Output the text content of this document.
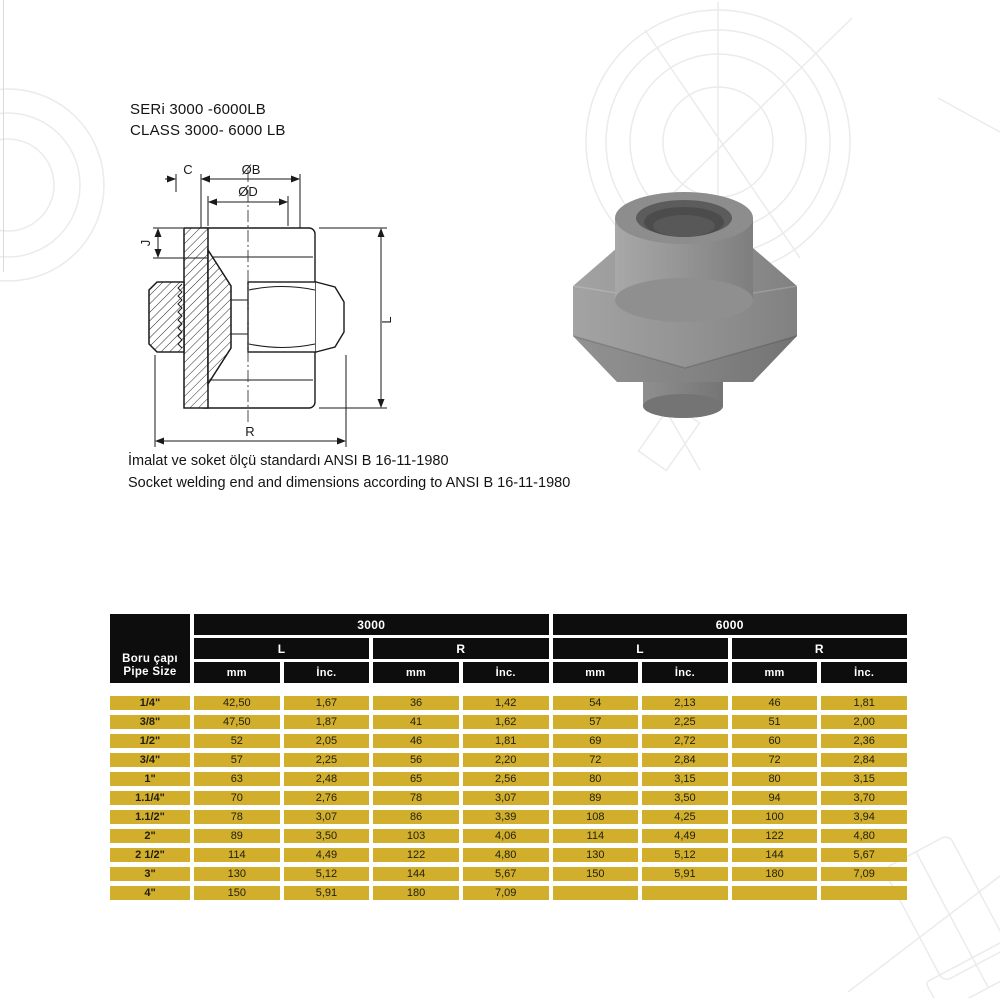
SERi 3000 -6000LB
CLASS 3000- 6000 LB
C	ØB
ØD
J
L
R
İmalat ve soket ölçü standardı ANSI B 16-11-1980
Socket welding end and dimensions according to ANSI B 16-11-1980
Boru çapı
Pipe Size
3000	6000
L	R	L	R
mm	İnc.	mm	İnc.	mm	İnc.	mm	İnc.
1/4"	42,50	1,67	36	1,42	54	2,13	46	1,81
3/8"	47,50	1,87	41	1,62	57	2,25	51	2,00
1/2"	52	2,05	46	1,81	69	2,72	60	2,36
3/4"	57	2,25	56	2,20	72	2,84	72	2,84
1"	63	2,48	65	2,56	80	3,15	80	3,15
1.1/4"	70	2,76	78	3,07	89	3,50	94	3,70
1.1/2"	78	3,07	86	3,39	108	4,25	100	3,94
2"	89	3,50	103	4,06	114	4,49	122	4,80
2 1/2"	114	4,49	122	4,80	130	5,12	144	5,67
3"	130	5,12	144	5,67	150	5,91	180	7,09
4"	150	5,91	180	7,09
